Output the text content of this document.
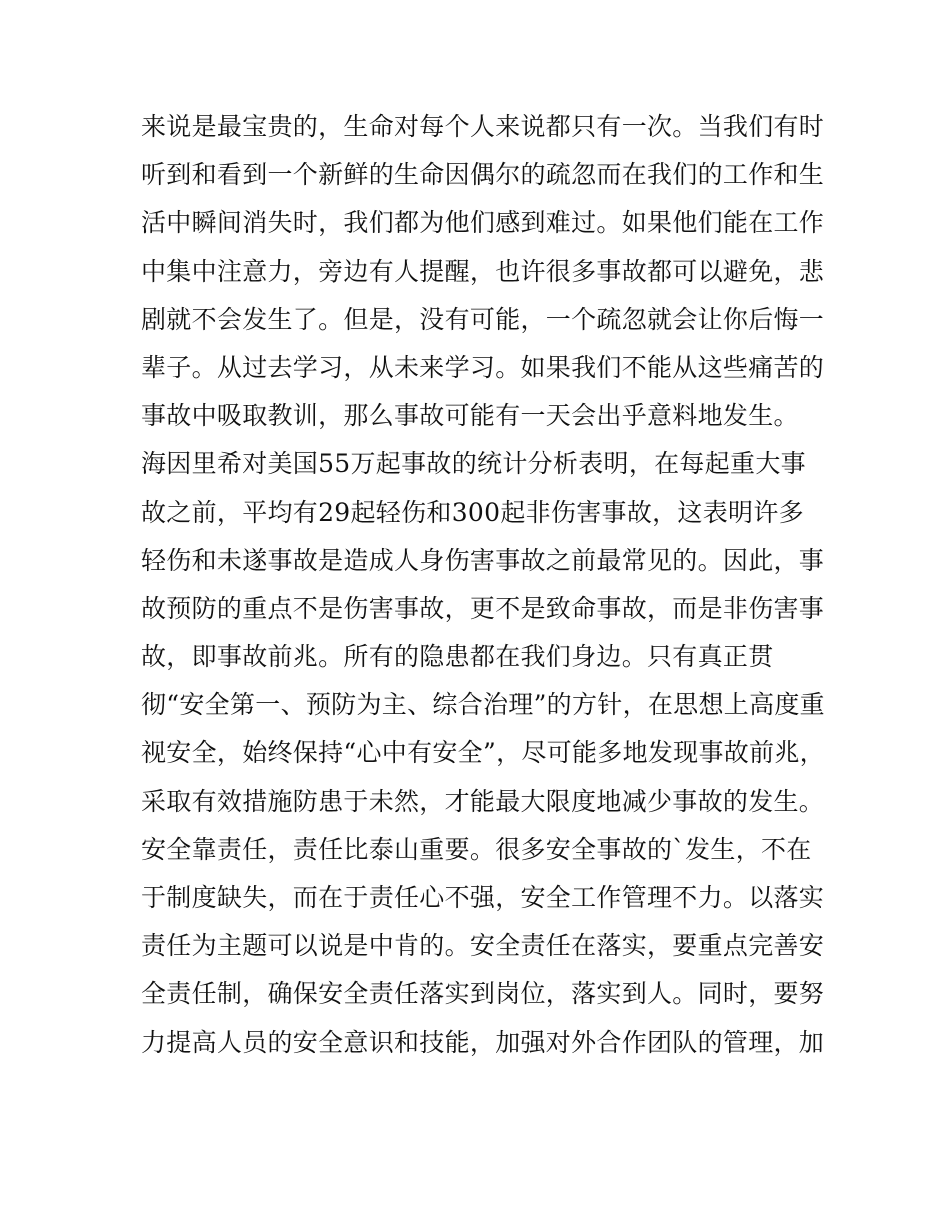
来说是最宝贵的，生命对每个人来说都只有一次。当我们有时
听到和看到一个新鲜的生命因偶尔的疏忽而在我们的工作和生
活中瞬间消失时，我们都为他们感到难过。如果他们能在工作
中集中注意力，旁边有人提醒，也许很多事故都可以避免，悲
剧就不会发生了。但是，没有可能，一个疏忽就会让你后悔一
辈子。从过去学习，从未来学习。如果我们不能从这些痛苦的
事故中吸取教训，那么事故可能有一天会出乎意料地发生。
海因里希对美国55万起事故的统计分析表明，在每起重大事
故之前，平均有29起轻伤和300起非伤害事故，这表明许多
轻伤和未遂事故是造成人身伤害事故之前最常见的。因此，事
故预防的重点不是伤害事故，更不是致命事故，而是非伤害事
故，即事故前兆。所有的隐患都在我们身边。只有真正贯
彻“安全第一、预防为主、综合治理”的方针，在思想上高度重
视安全，始终保持“心中有安全”，尽可能多地发现事故前兆，
采取有效措施防患于未然，才能最大限度地减少事故的发生。
安全靠责任，责任比泰山重要。很多安全事故的`发生，不在
于制度缺失，而在于责任心不强，安全工作管理不力。以落实
责任为主题可以说是中肯的。安全责任在落实，要重点完善安
全责任制，确保安全责任落实到岗位，落实到人。同时，要努
力提高人员的安全意识和技能，加强对外合作团队的管理，加
